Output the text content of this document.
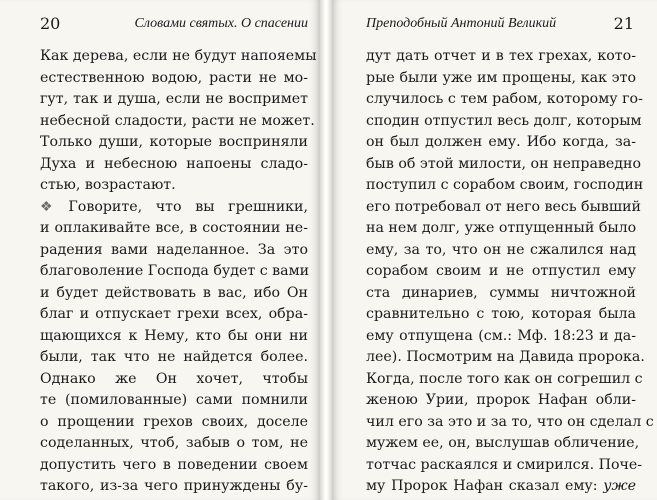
20	Словами святых. О спасении
Как дерева, если не будут напояемы
естественною водою, расти не мо-
гут, так и душа, если не воспримет
небесной сладости, расти не может.
Только души, которые восприняли
Духа и небесною напоены сладо-
стью, возрастают.
❖ Говорите, что вы грешники,
и оплакивайте все, в состоянии не-
радения вами наделанное. За это
благоволение Господа будет с вами
и будет действовать в вас, ибо Он
благ и отпускает грехи всех, обра-
щающихся к Нему, кто бы они ни
были, так что не найдется более.
Однако же Он хочет, чтобы
те (помилованные) сами помнили
о прощении грехов своих, доселе
соделанных, чтоб, забыв о том, не
допустить чего в поведении своем
такого, из-за чего принуждены бу-
Преподобный Антоний Великий	21
дут дать отчет и в тех грехах, кото-
рые были уже им прощены, как это
случилось с тем рабом, которому го-
сподин отпустил весь долг, которым
он был должен ему. Ибо когда, за-
быв об этой милости, он неправедно
поступил с сорабом своим, господин
его потребовал от него весь бывший
на нем долг, уже отпущенный было
ему, за то, что он не сжалился над
сорабом своим и не отпустил ему
ста динариев, суммы ничтожной
сравнительно с тою, которая была
ему отпущена (см.: Мф. 18:23 и да-
лее). Посмотрим на Давида пророка.
Когда, после того как он согрешил с
женою Урии, пророк Нафан обли-
чил его за это и за то, что он сделал с
мужем ее, он, выслушав обличение,
тотчас раскаялся и смирился. Поче-
му Пророк Нафан сказал ему: уже
